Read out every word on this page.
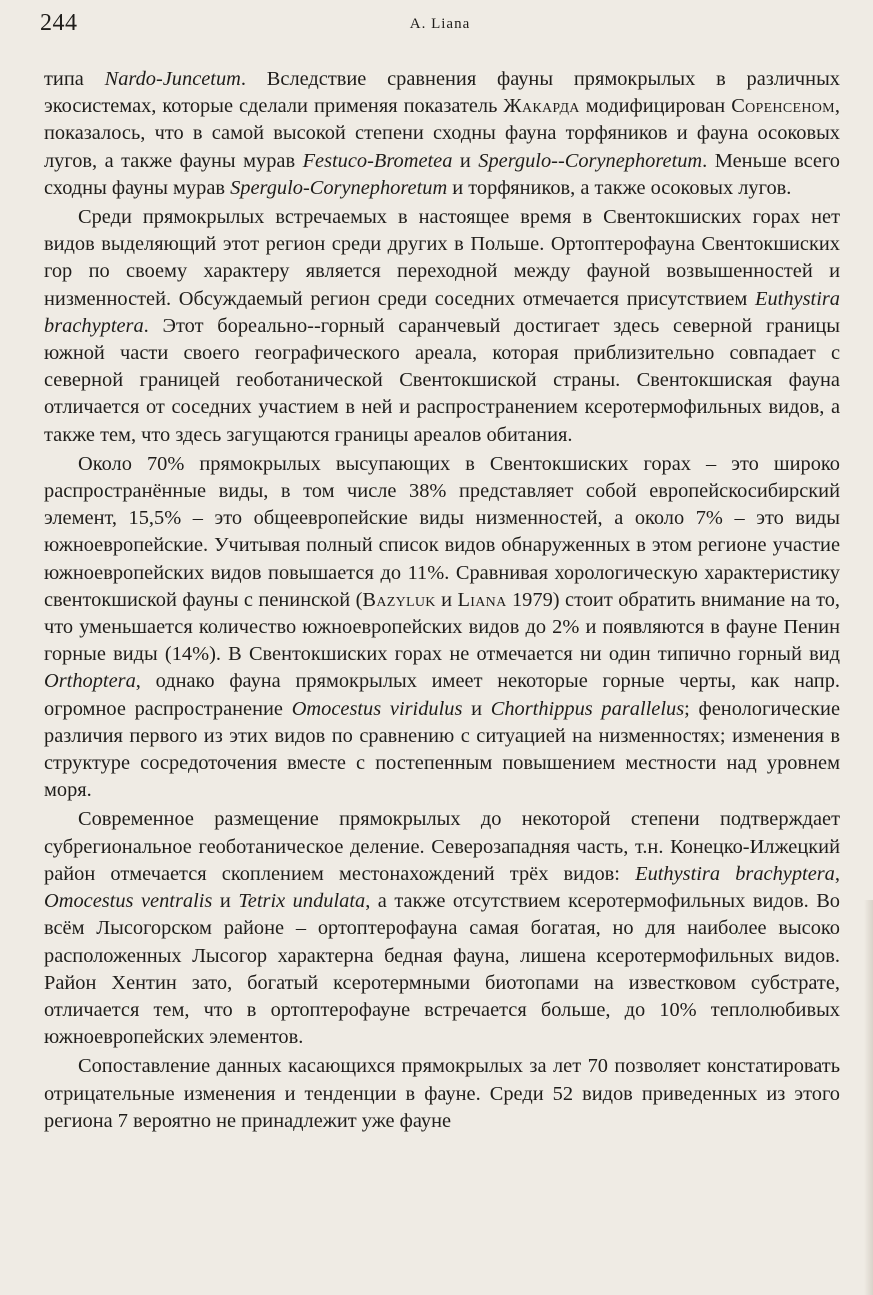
244	A. Liana

типа Nardo-Juncetum. Вследствие сравнения фауны прямокрылых в различных экосистемах, которые сделали применяя показатель Жакарда модифицирован Соренсеном, показалось, что в самой высокой степени сходны фауна торфяников и фауна осоковых лугов, а также фауны мурав Festuco-Brometea и Spergulo-​-Corynephoretum. Меньше всего сходны фауны мурав Spergulo-Corynephoretum и торфяников, а также осоковых лугов.

Среди прямокрылых встречаемых в настоящее время в Свентокшиских горах нет видов выделяющий этот регион среди других в Польше. Ортоптерофауна Свентокшиских гор по своему характеру является переходной между фауной возвышенностей и низменностей. Обсуждаемый регион среди соседних отмечается присутствием Euthystira brachyptera. Этот бореально-​-горный саранчевый достигает здесь северной границы южной части своего географического ареала, которая приблизительно совпадает с северной границей геоботанической Свентокшиской страны. Свентокшиская фауна отличается от соседних участием в ней и распространением ксеротермофильных видов, а также тем, что здесь загущаются границы ареалов обитания.

Около 70% прямокрылых высупающих в Свентокшиских горах – это широко распространённые виды, в том числе 38% представляет собой европейскосибирский элемент, 15,5% – это общеевропейские виды низменностей, а около 7% – это виды южноевропейские. Учитывая полный список видов обнаруженных в этом регионе участие южноевропейских видов повышается до 11%. Сравнивая хорологическую характеристику свентокшиской фауны с пенинской (Bazyluk и Liana 1979) стоит обратить внимание на то, что уменьшается количество южноевропейских видов до 2% и появляются в фауне Пенин горные виды (14%). В Свентокшиских горах не отмечается ни один типично горный вид Orthoptera, однако фауна прямокрылых имеет некоторые горные черты, как напр. огромное распространение Omocestus viridulus и Chorthippus parallelus; фенологические различия первого из этих видов по сравнению с ситуацией на низменностях; изменения в структуре сосредоточения вместе с постепенным повышением местности над уровнем моря.

Современное размещение прямокрылых до некоторой степени подтверждает субрегиональное геоботаническое деление. Северозападняя часть, т.н. Конецко-Илжецкий район отмечается скоплением местонахождений трёх видов: Euthystira brachyptera, Omocestus ventralis и Tetrix undulata, а также отсутствием ксеротермофильных видов. Во всём Лысогорском районе – ортоптерофауна самая богатая, но для наиболее высоко расположенных Лысогор характерна бедная фауна, лишена ксеротермофильных видов. Район Хентин зато, богатый ксеротермными биотопами на известковом субстрате, отличается тем, что в ортоптерофауне встречается больше, до 10% теплолюбивых южноевропейских элементов.

Сопоставление данных касающихся прямокрылых за лет 70 позволяет констатировать отрицательные изменения и тенденции в фауне. Среди 52 видов приведенных из этого региона 7 вероятно не принадлежит уже фауне
